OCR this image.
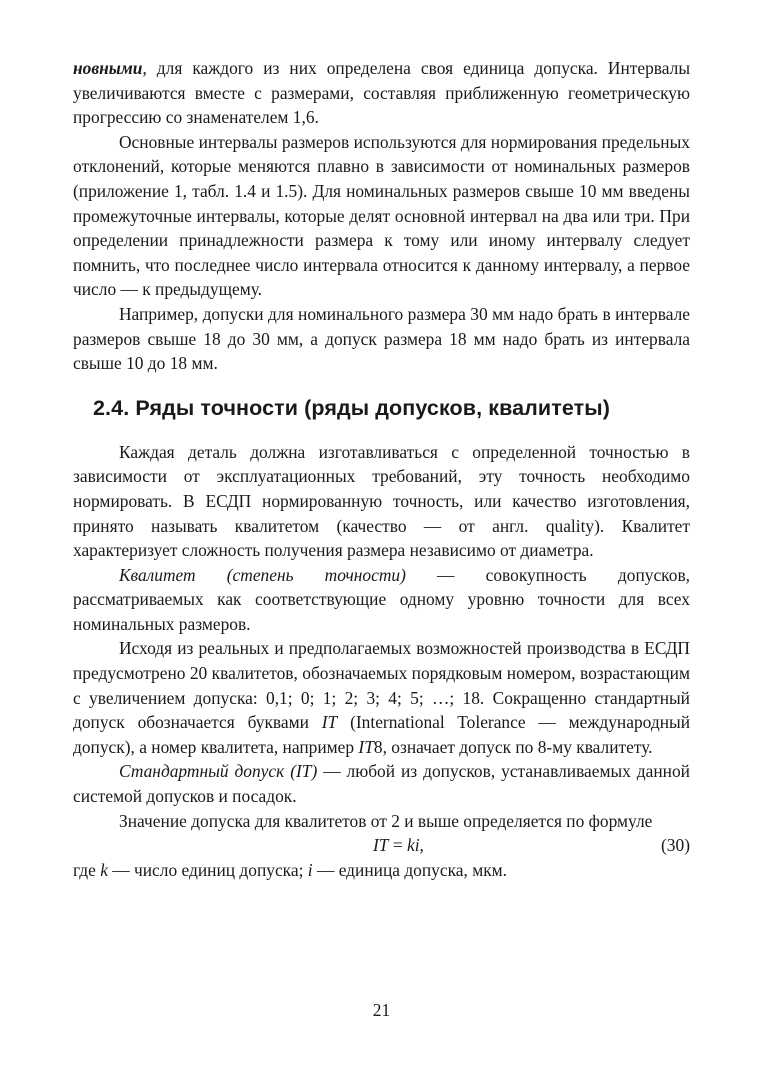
новными, для каждого из них определена своя единица допуска. Интервалы увеличиваются вместе с размерами, составляя приближенную геометрическую прогрессию со знаменателем 1,6.

Основные интервалы размеров используются для нормирования предельных отклонений, которые меняются плавно в зависимости от номинальных размеров (приложение 1, табл. 1.4 и 1.5). Для номинальных размеров свыше 10 мм введены промежуточные интервалы, которые делят основной интервал на два или три. При определении принадлежности размера к тому или иному интервалу следует помнить, что последнее число интервала относится к данному интервалу, а первое число — к предыдущему.

Например, допуски для номинального размера 30 мм надо брать в интервале размеров свыше 18 до 30 мм, а допуск размера 18 мм надо брать из интервала свыше 10 до 18 мм.

2.4. Ряды точности (ряды допусков, квалитеты)

Каждая деталь должна изготавливаться с определенной точностью в зависимости от эксплуатационных требований, эту точность необходимо нормировать. В ЕСДП нормированную точность, или качество изготовления, принято называть квалитетом (качество — от англ. quality). Квалитет характеризует сложность получения размера независимо от диаметра.

Квалитет (степень точности) — совокупность допусков, рассматриваемых как соответствующие одному уровню точности для всех номинальных размеров.

Исходя из реальных и предполагаемых возможностей производства в ЕСДП предусмотрено 20 квалитетов, обозначаемых порядковым номером, возрастающим с увеличением допуска: 0,1; 0; 1; 2; 3; 4; 5; …; 18. Сокращенно стандартный допуск обозначается буквами IT (International Tolerance — международный допуск), а номер квалитета, например IT8, означает допуск по 8-му квалитету.

Стандартный допуск (IT) — любой из допусков, устанавливаемых данной системой допусков и посадок.

Значение допуска для квалитетов от 2 и выше определяется по формуле

IT = ki,	(30)

где k — число единиц допуска; i — единица допуска, мкм.

21
